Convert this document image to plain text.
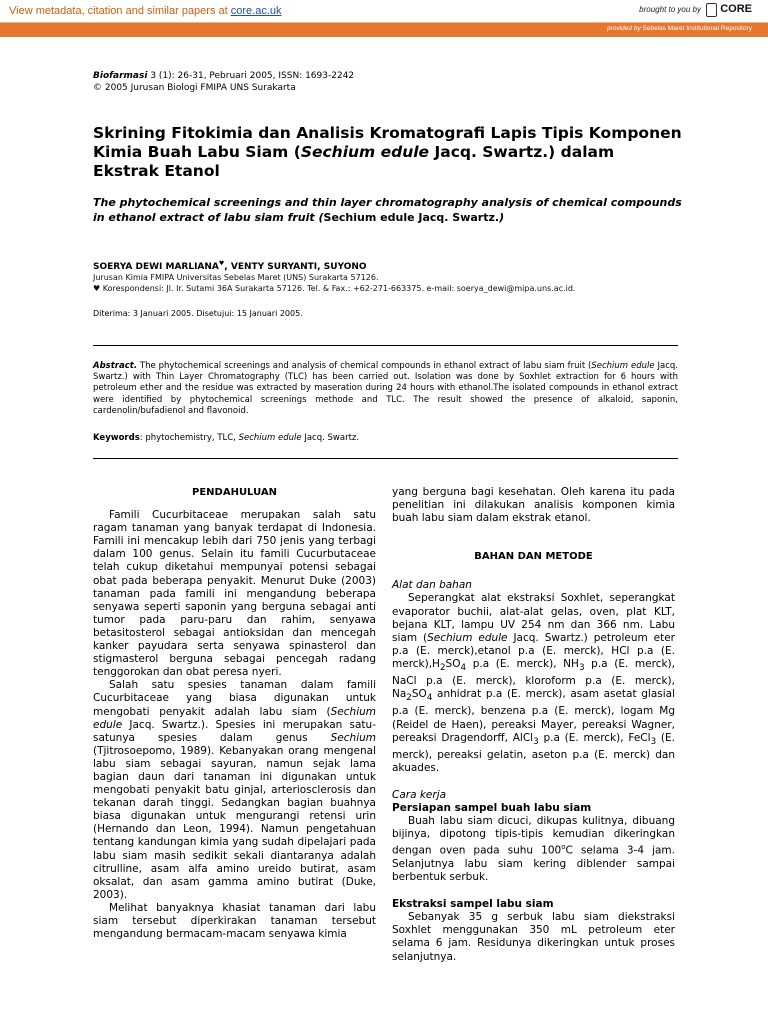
View metadata, citation and similar papers at core.ac.uk	brought to you by CORE
provided by Sebelas Maret Institutional Repository
Biofarmasi 3 (1): 26-31, Pebruari 2005, ISSN: 1693-2242
© 2005 Jurusan Biologi FMIPA UNS Surakarta
Skrining Fitokimia dan Analisis Kromatografi Lapis Tipis Komponen Kimia Buah Labu Siam (Sechium edule Jacq. Swartz.) dalam Ekstrak Etanol
The phytochemical screenings and thin layer chromatography analysis of chemical compounds in ethanol extract of labu siam fruit (Sechium edule Jacq. Swartz.)
SOERYA DEWI MARLIANA♥, VENTY SURYANTI, SUYONO
Jurusan Kimia FMIPA Universitas Sebelas Maret (UNS) Surakarta 57126.
♥ Korespondensi: Jl. Ir. Sutami 36A Surakarta 57126. Tel. & Fax.: +62-271-663375. e-mail: soerya_dewi@mipa.uns.ac.id.
Diterima: 3 Januari 2005. Disetujui: 15 Januari 2005.
Abstract. The phytochemical screenings and analysis of chemical compounds in ethanol extract of labu siam fruit (Sechium edule Jacq. Swartz.) with Thin Layer Chromatography (TLC) has been carried out. Isolation was done by Soxhlet extraction for 6 hours with petroleum ether and the residue was extracted by maseration during 24 hours with ethanol.The isolated compounds in ethanol extract were identified by phytochemical screenings methode and TLC. The result showed the presence of alkaloid, saponin, cardenolin/bufadienol and flavonoid.
Keywords: phytochemistry, TLC, Sechium edule Jacq. Swartz.

PENDAHULUAN

Famili Cucurbitaceae merupakan salah satu ragam tanaman yang banyak terdapat di Indonesia. Famili ini mencakup lebih dari 750 jenis yang terbagi dalam 100 genus. Selain itu famili Cucurbutaceae telah cukup diketahui mempunyai potensi sebagai obat pada beberapa penyakit. Menurut Duke (2003) tanaman pada famili ini mengandung beberapa senyawa seperti saponin yang berguna sebagai anti tumor pada paru-paru dan rahim, senyawa betasitosterol sebagai antioksidan dan mencegah kanker payudara serta senyawa spinasterol dan stigmasterol berguna sebagai pencegah radang tenggorokan dan obat peresa nyeri.

Salah satu spesies tanaman dalam famili Cucurbitaceae yang biasa digunakan untuk mengobati penyakit adalah labu siam (Sechium edule Jacq. Swartz.). Spesies ini merupakan satu-satunya spesies dalam genus Sechium (Tjitrosoepomo, 1989). Kebanyakan orang mengenal labu siam sebagai sayuran, namun sejak lama bagian daun dari tanaman ini digunakan untuk mengobati penyakit batu ginjal, arteriosclerosis dan tekanan darah tinggi. Sedangkan bagian buahnya biasa digunakan untuk mengurangi retensi urin (Hernando dan Leon, 1994). Namun pengetahuan tentang kandungan kimia yang sudah dipelajari pada labu siam masih sedikit sekali diantaranya adalah citrulline, asam alfa amino ureido butirat, asam oksalat, dan asam gamma amino butirat (Duke, 2003).

Melihat banyaknya khasiat tanaman dari labu siam tersebut diperkirakan tanaman tersebut mengandung bermacam-macam senyawa kimia

yang berguna bagi kesehatan. Oleh karena itu pada penelitian ini dilakukan analisis komponen kimia buah labu siam dalam ekstrak etanol.

BAHAN DAN METODE

Alat dan bahan

Seperangkat alat ekstraksi Soxhlet, seperangkat evaporator buchii, alat-alat gelas, oven, plat KLT, bejana KLT, lampu UV 254 nm dan 366 nm. Labu siam (Sechium edule Jacq. Swartz.) petroleum eter p.a (E. merck),etanol p.a (E. merck), HCl p.a (E. $merck),H_2SO_4$ p.a (E. merck), $NH_3$ p.a (E. merck), NaCl p.a (E. merck), kloroform p.a (E. merck), $Na_2SO_4$ anhidrat p.a (E. merck), asam asetat glasial p.a (E. merck), benzena p.a (E. merck), logam Mg (Reidel de Haen), pereaksi Mayer, pereaksi Wagner, pereaksi Dragendorff, AlCl$_3$ p.a (E. merck), FeCl$_3$ (E. merck), pereaksi gelatin, aseton p.a (E. merck) dan akuades.

Cara kerja

Persiapan sampel buah labu siam

Buah labu siam dicuci, dikupas kulitnya, dibuang bijinya, dipotong tipis-tipis kemudian dikeringkan dengan oven pada suhu 100$^o$C selama 3-4 jam. Selanjutnya labu siam kering diblender sampai berbentuk serbuk.

Ekstraksi sampel labu siam

Sebanyak 35 g serbuk labu siam diekstraksi Soxhlet menggunakan 350 mL petroleum eter selama 6 jam. Residunya dikeringkan untuk proses selanjutnya.
